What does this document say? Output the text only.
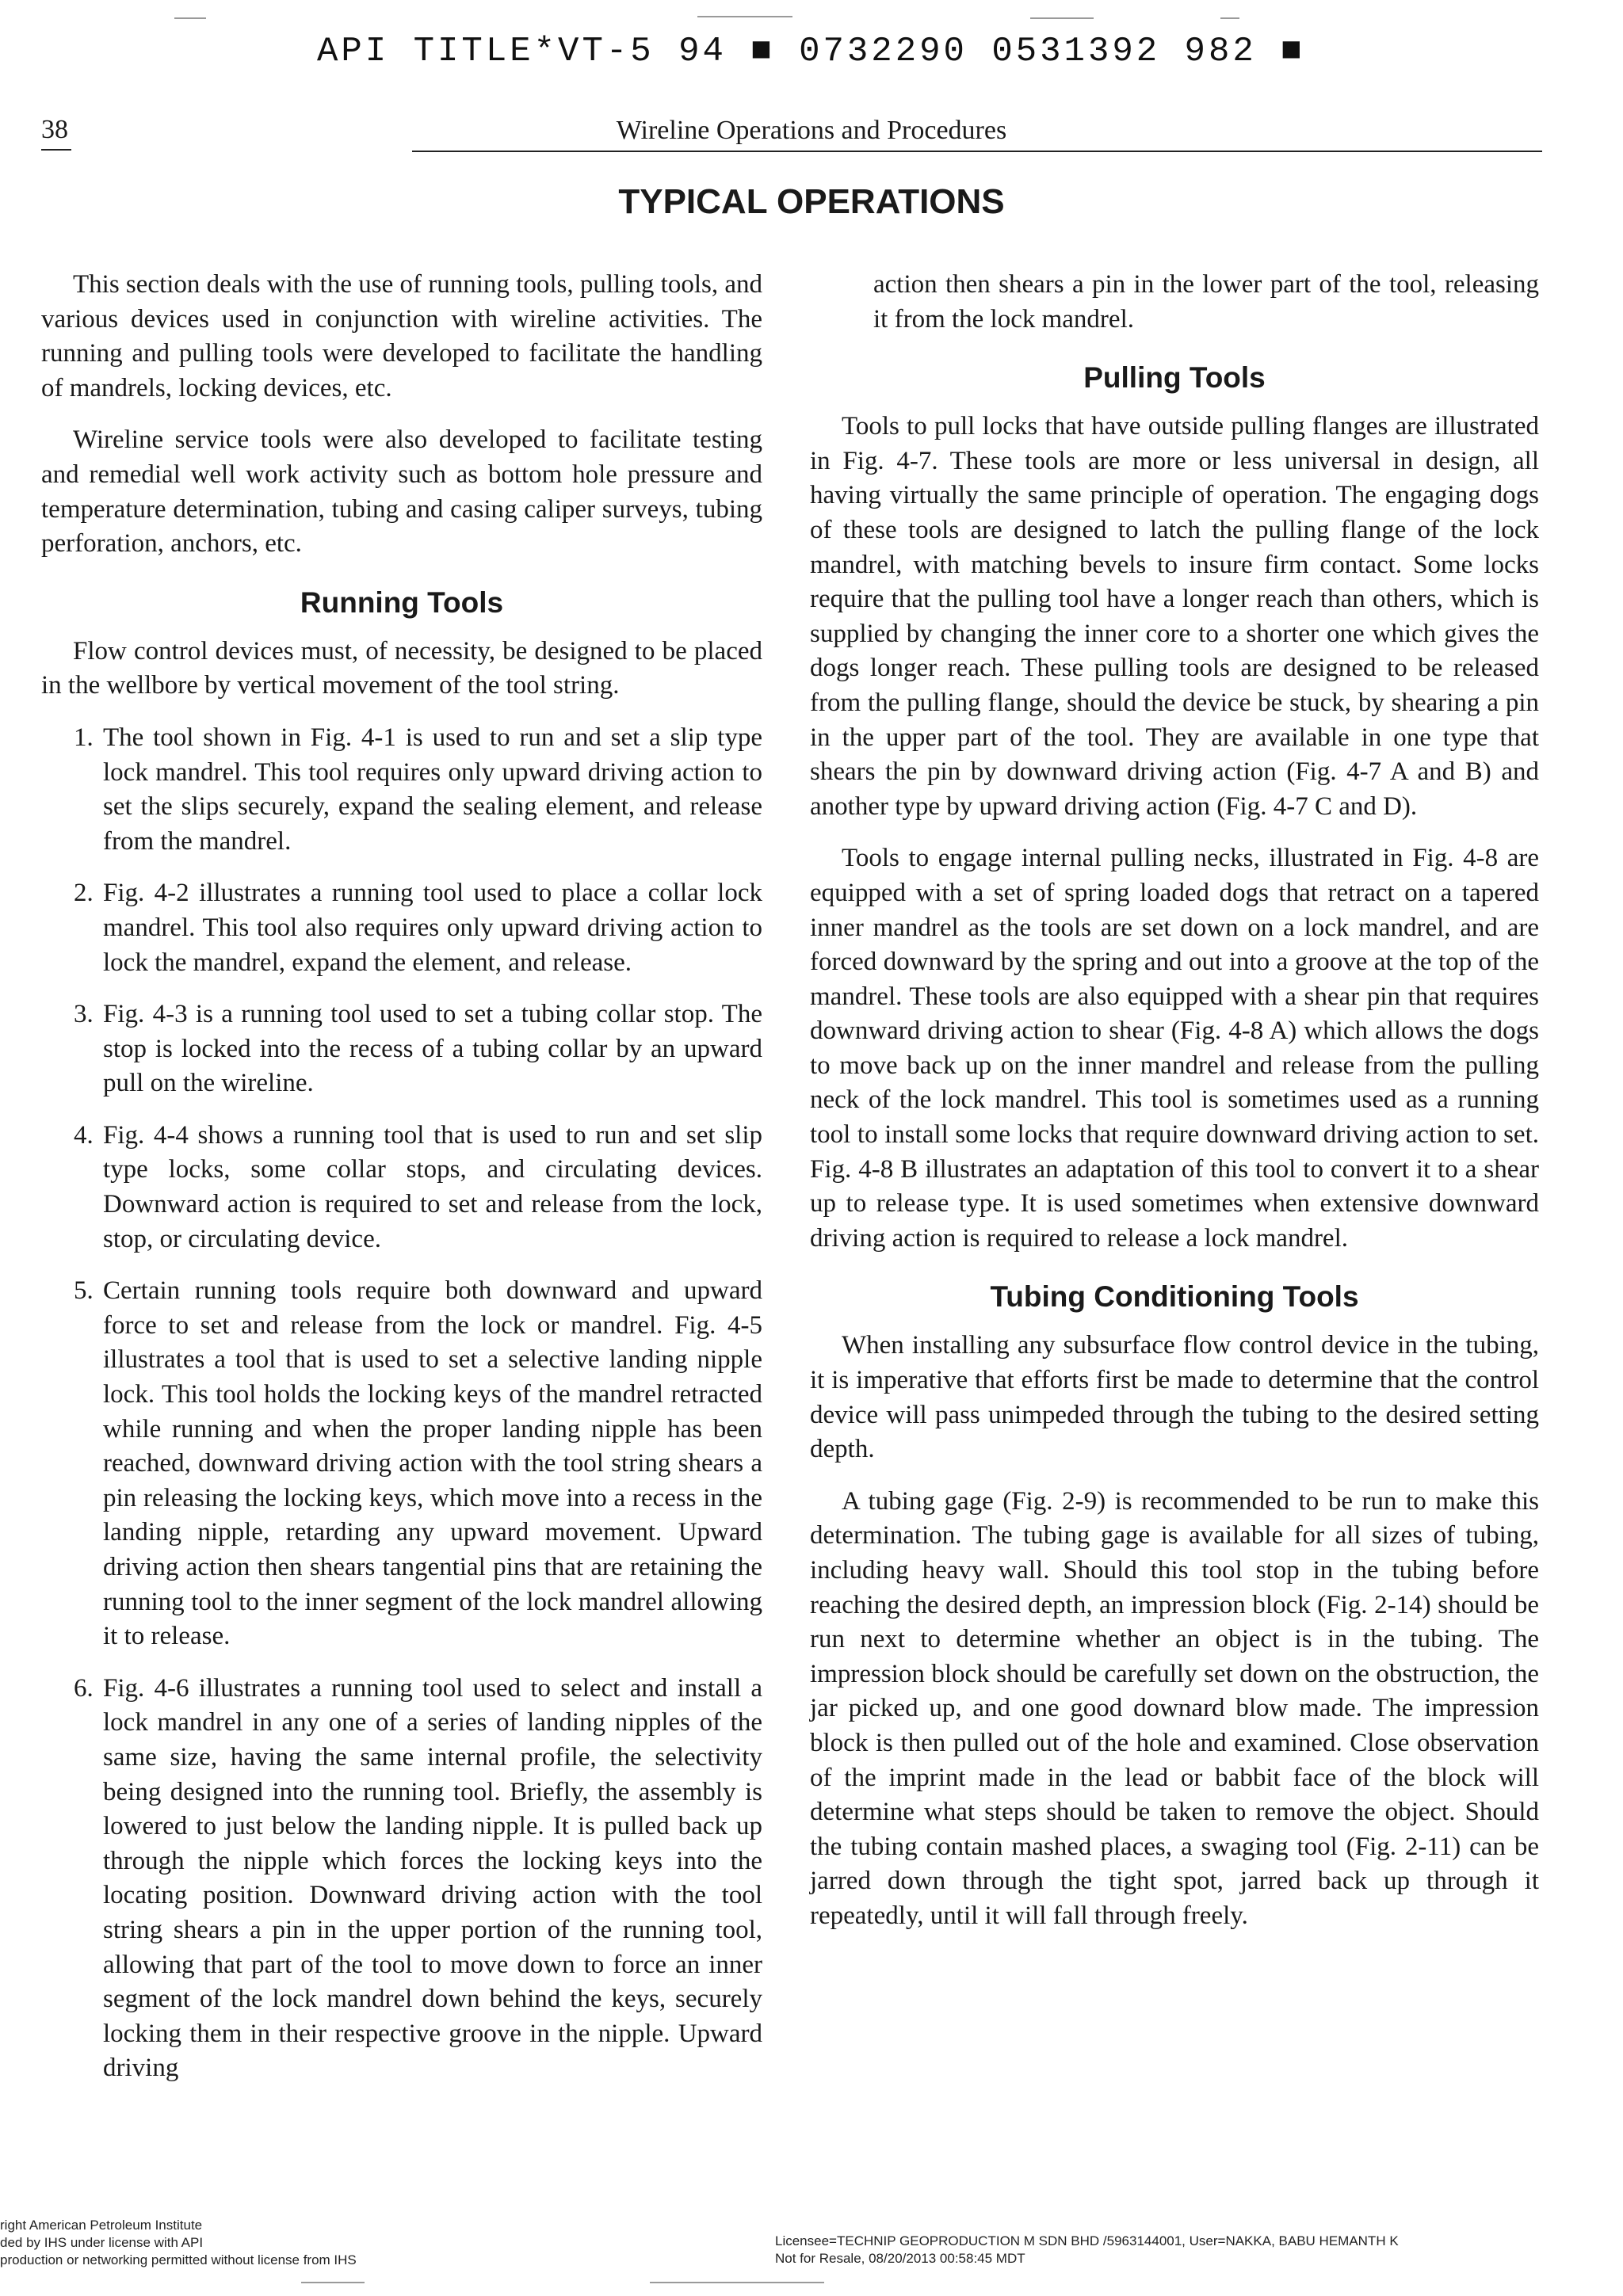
API TITLE*VT-5 94 ■ 0732290 0531392 982 ■
38	Wireline Operations and Procedures
TYPICAL OPERATIONS

This section deals with the use of running tools, pulling tools, and various devices used in conjunction with wireline activities. The running and pulling tools were developed to facilitate the handling of mandrels, locking devices, etc.

Wireline service tools were also developed to facilitate testing and remedial well work activity such as bottom hole pressure and temperature determination, tubing and casing caliper surveys, tubing perforation, anchors, etc.

Running Tools

Flow control devices must, of necessity, be designed to be placed in the wellbore by vertical movement of the tool string.

1. The tool shown in Fig. 4-1 is used to run and set a slip type lock mandrel. This tool requires only upward driving action to set the slips securely, expand the sealing element, and release from the mandrel.
2. Fig. 4-2 illustrates a running tool used to place a collar lock mandrel. This tool also requires only upward driving action to lock the mandrel, expand the element, and release.
3. Fig. 4-3 is a running tool used to set a tubing collar stop. The stop is locked into the recess of a tubing collar by an upward pull on the wireline.
4. Fig. 4-4 shows a running tool that is used to run and set slip type locks, some collar stops, and circulating devices. Downward action is required to set and release from the lock, stop, or circulating device.
5. Certain running tools require both downward and upward force to set and release from the lock or mandrel. Fig. 4-5 illustrates a tool that is used to set a selective landing nipple lock. This tool holds the locking keys of the mandrel retracted while running and when the proper landing nipple has been reached, downward driving action with the tool string shears a pin releasing the locking keys, which move into a recess in the landing nipple, retarding any upward movement. Upward driving action then shears tangential pins that are retaining the running tool to the inner segment of the lock mandrel allowing it to release.
6. Fig. 4-6 illustrates a running tool used to select and install a lock mandrel in any one of a series of landing nipples of the same size, having the same internal profile, the selectivity being designed into the running tool. Briefly, the assembly is lowered to just below the landing nipple. It is pulled back up through the nipple which forces the locking keys into the locating position. Downward driving action with the tool string shears a pin in the upper portion of the running tool, allowing that part of the tool to move down to force an inner segment of the lock mandrel down behind the keys, securely locking them in their respective groove in the nipple. Upward driving

action then shears a pin in the lower part of the tool, releasing it from the lock mandrel.

Pulling Tools

Tools to pull locks that have outside pulling flanges are illustrated in Fig. 4-7. These tools are more or less universal in design, all having virtually the same principle of operation. The engaging dogs of these tools are designed to latch the pulling flange of the lock mandrel, with matching bevels to insure firm contact. Some locks require that the pulling tool have a longer reach than others, which is supplied by changing the inner core to a shorter one which gives the dogs longer reach. These pulling tools are designed to be released from the pulling flange, should the device be stuck, by shearing a pin in the upper part of the tool. They are available in one type that shears the pin by downward driving action (Fig. 4-7 A and B) and another type by upward driving action (Fig. 4-7 C and D).

Tools to engage internal pulling necks, illustrated in Fig. 4-8 are equipped with a set of spring loaded dogs that retract on a tapered inner mandrel as the tools are set down on a lock mandrel, and are forced downward by the spring and out into a groove at the top of the mandrel. These tools are also equipped with a shear pin that requires downward driving action to shear (Fig. 4-8 A) which allows the dogs to move back up on the inner mandrel and release from the pulling neck of the lock mandrel. This tool is sometimes used as a running tool to install some locks that require downward driving action to set. Fig. 4-8 B illustrates an adaptation of this tool to convert it to a shear up to release type. It is used sometimes when extensive downward driving action is required to release a lock mandrel.

Tubing Conditioning Tools

When installing any subsurface flow control device in the tubing, it is imperative that efforts first be made to determine that the control device will pass unimpeded through the tubing to the desired setting depth.

A tubing gage (Fig. 2-9) is recommended to be run to make this determination. The tubing gage is available for all sizes of tubing, including heavy wall. Should this tool stop in the tubing before reaching the desired depth, an impression block (Fig. 2-14) should be run next to determine whether an object is in the tubing. The impression block should be carefully set down on the obstruction, the jar picked up, and one good downard blow made. The impression block is then pulled out of the hole and examined. Close observation of the imprint made in the lead or babbit face of the block will determine what steps should be taken to remove the object. Should the tubing contain mashed places, a swaging tool (Fig. 2-11) can be jarred down through the tight spot, jarred back up through it repeatedly, until it will fall through freely.

right American Petroleum Institute
ded by IHS under license with API
production or networking permitted without license from IHS
Licensee=TECHNIP GEOPRODUCTION M SDN BHD /5963144001, User=NAKKA, BABU HEMANTH K
Not for Resale, 08/20/2013 00:58:45 MDT
